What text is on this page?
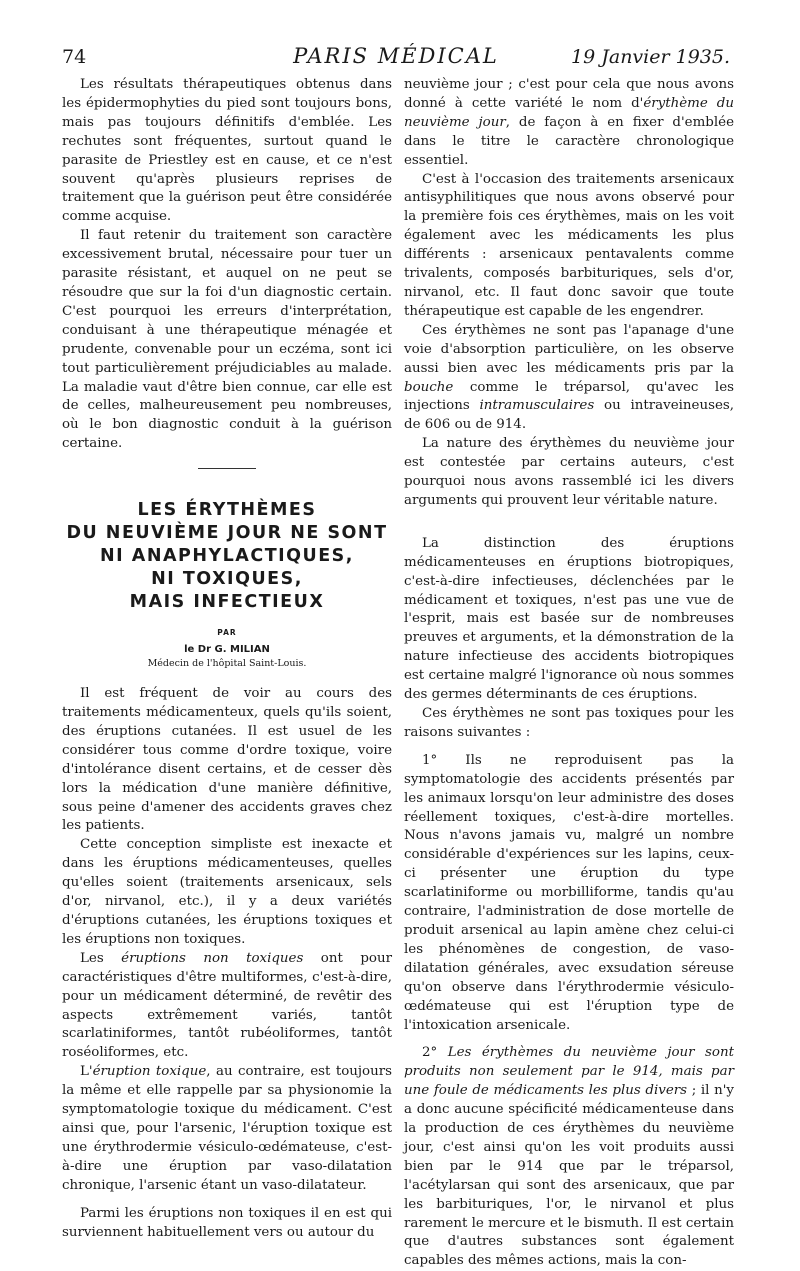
74	PARIS MÉDICAL	19 Janvier 1935.

Les résultats thérapeutiques obtenus dans les épidermophyties du pied sont toujours bons, mais pas toujours définitifs d'emblée. Les rechutes sont fréquentes, surtout quand le parasite de Priestley est en cause, et ce n'est souvent qu'après plusieurs reprises de traitement que la guérison peut être considérée comme acquise.

Il faut retenir du traitement son caractère excessivement brutal, nécessaire pour tuer un parasite résistant, et auquel on ne peut se résoudre que sur la foi d'un diagnostic certain. C'est pourquoi les erreurs d'interprétation, conduisant à une thérapeutique ménagée et prudente, convenable pour un eczéma, sont ici tout particulièrement préjudiciables au malade. La maladie vaut d'être bien connue, car elle est de celles, malheureusement peu nombreuses, où le bon diagnostic conduit à la guérison certaine.

LES ÉRYTHÈMES

DU NEUVIÈME JOUR NE SONT

NI ANAPHYLACTIQUES,

NI TOXIQUES,

MAIS INFECTIEUX

PAR
le Dr G. MILIAN
Médecin de l'hôpital Saint-Louis.

Il est fréquent de voir au cours des traitements médicamenteux, quels qu'ils soient, des éruptions cutanées. Il est usuel de les considérer tous comme d'ordre toxique, voire d'intolérance disent certains, et de cesser dès lors la médication d'une manière définitive, sous peine d'amener des accidents graves chez les patients.

Cette conception simpliste est inexacte et dans les éruptions médicamenteuses, quelles qu'elles soient (traitements arsenicaux, sels d'or, nirvanol, etc.), il y a deux variétés d'éruptions cutanées, les éruptions toxiques et les éruptions non toxiques.

Les éruptions non toxiques ont pour caractéristiques d'être multiformes, c'est-à-dire, pour un médicament déterminé, de revêtir des aspects extrêmement variés, tantôt scarlatiniformes, tantôt rubéoliformes, tantôt roséoliformes, etc.

L'éruption toxique, au contraire, est toujours la même et elle rappelle par sa physionomie la symptomatologie toxique du médicament. C'est ainsi que, pour l'arsenic, l'éruption toxique est une érythrodermie vésiculo-œdémateuse, c'est-à-dire une éruption par vaso-dilatation chronique, l'arsenic étant un vaso-dilatateur.

Parmi les éruptions non toxiques il en est qui surviennent habituellement vers ou autour du

neuvième jour ; c'est pour cela que nous avons donné à cette variété le nom d'érythème du neuvième jour, de façon à en fixer d'emblée dans le titre le caractère chronologique essentiel.

C'est à l'occasion des traitements arsenicaux antisyphilitiques que nous avons observé pour la première fois ces érythèmes, mais on les voit également avec les médicaments les plus différents : arsenicaux pentavalents comme trivalents, composés barbituriques, sels d'or, nirvanol, etc. Il faut donc savoir que toute thérapeutique est capable de les engendrer.

Ces érythèmes ne sont pas l'apanage d'une voie d'absorption particulière, on les observe aussi bien avec les médicaments pris par la bouche comme le tréparsol, qu'avec les injections intramusculaires ou intraveineuses, de 606 ou de 914.

La nature des érythèmes du neuvième jour est contestée par certains auteurs, c'est pourquoi nous avons rassemblé ici les divers arguments qui prouvent leur véritable nature.

La distinction des éruptions médicamenteuses en éruptions biotropiques, c'est-à-dire infectieuses, déclenchées par le médicament et toxiques, n'est pas une vue de l'esprit, mais est basée sur de nombreuses preuves et arguments, et la démonstration de la nature infectieuse des accidents biotropiques est certaine malgré l'ignorance où nous sommes des germes déterminants de ces éruptions.

Ces érythèmes ne sont pas toxiques pour les raisons suivantes :

1° Ils ne reproduisent pas la symptomatologie des accidents présentés par les animaux lorsqu'on leur administre des doses réellement toxiques, c'est-à-dire mortelles. Nous n'avons jamais vu, malgré un nombre considérable d'expériences sur les lapins, ceux-ci présenter une éruption du type scarlatiniforme ou morbilliforme, tandis qu'au contraire, l'administration de dose mortelle de produit arsenical au lapin amène chez celui-ci les phénomènes de congestion, de vaso-dilatation générales, avec exsudation séreuse qu'on observe dans l'érythrodermie vésiculo-œdémateuse qui est l'éruption type de l'intoxication arsenicale.

2° Les érythèmes du neuvième jour sont produits non seulement par le 914, mais par une foule de médicaments les plus divers ; il n'y a donc aucune spécificité médicamenteuse dans la production de ces érythèmes du neuvième jour, c'est ainsi qu'on les voit produits aussi bien par le 914 que par le tréparsol, l'acétylarsan qui sont des arsenicaux, que par les barbituriques, l'or, le nirvanol et plus rarement le mercure et le bismuth. Il est certain que d'autres substances sont également capables des mêmes actions, mais la con-
